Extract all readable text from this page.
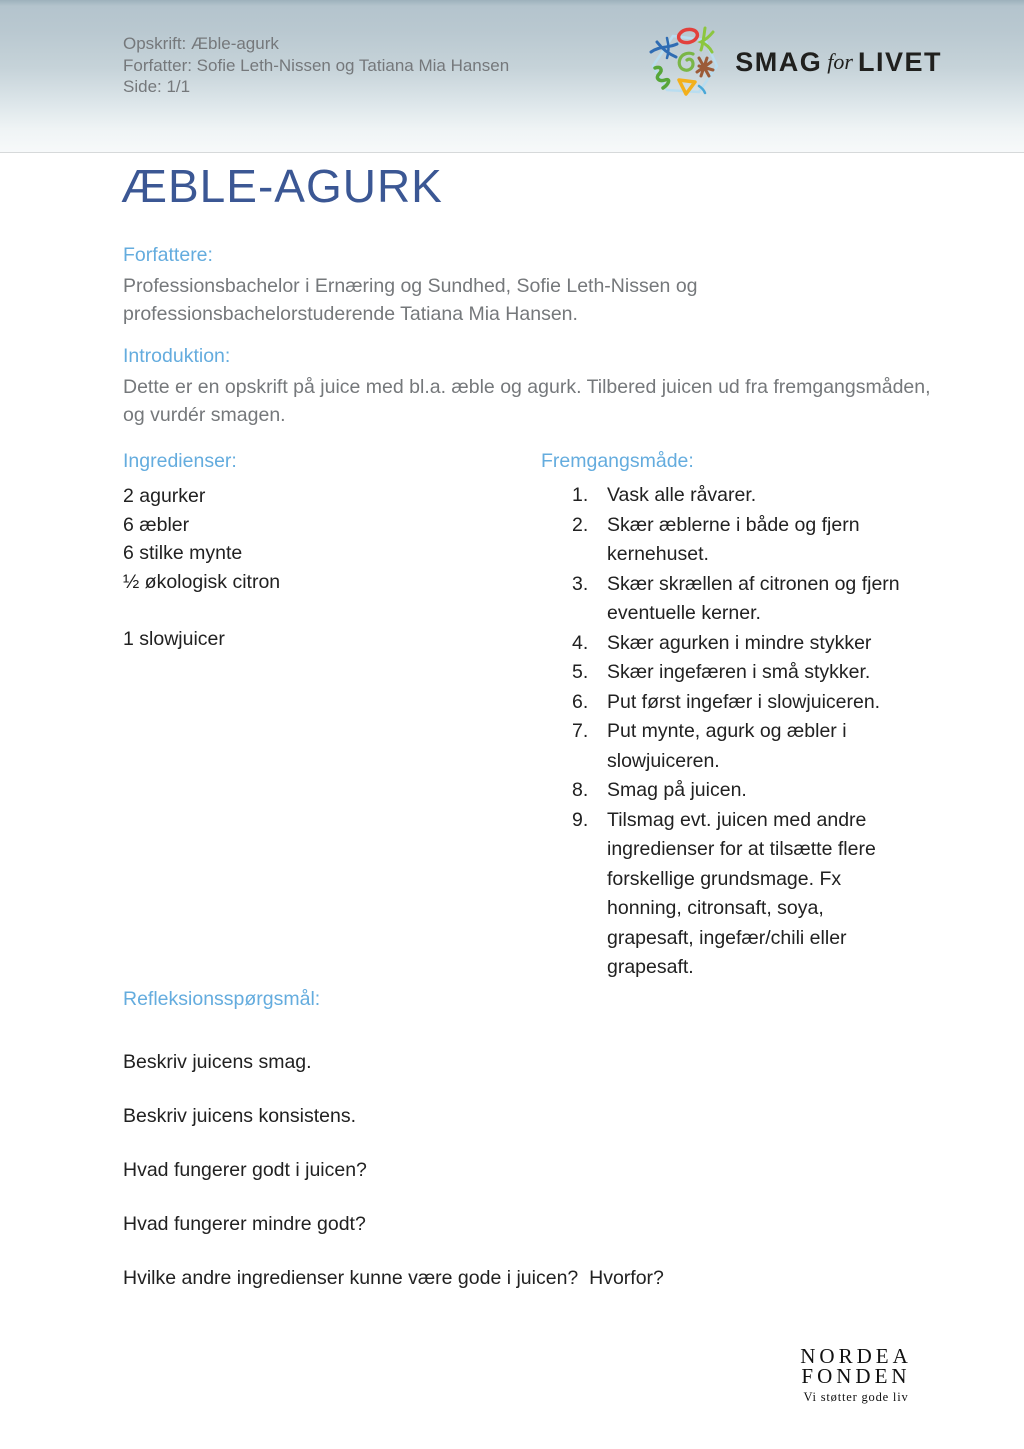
Opskrift: Æble-agurk
Forfatter: Sofie Leth-Nissen og Tatiana Mia Hansen
Side: 1/1
SMAG for LIVET
ÆBLE-AGURK
Forfattere:

Professionsbachelor i Ernæring og Sundhed, Sofie Leth-Nissen og professionsbachelorstuderende Tatiana Mia Hansen.

Introduktion:

Dette er en opskrift på juice med bl.a. æble og agurk. Tilbered juicen ud fra fremgangsmåden, og vurdér smagen.

Ingredienser:
2 agurker
6 æbler
6 stilke mynte
½ økologisk citron
1 slowjuicer
Fremgangsmåde:
1. Vask alle råvarer.
2. Skær æblerne i både og fjern kernehuset.
3. Skær skrællen af citronen og fjern eventuelle kerner.
4. Skær agurken i mindre stykker
5. Skær ingefæren i små stykker.
6. Put først ingefær i slowjuiceren.
7. Put mynte, agurk og æbler i slowjuiceren.
8. Smag på juicen.
9. Tilsmag evt. juicen med andre ingredienser for at tilsætte flere forskellige grundsmage. Fx honning, citronsaft, soya, grapesaft, ingefær/chili eller grapesaft.
Refleksionsspørgsmål:
Beskriv juicens smag.
Beskriv juicens konsistens.
Hvad fungerer godt i juicen?
Hvad fungerer mindre godt?
Hvilke andre ingredienser kunne være gode i juicen?  Hvorfor?
NORDEA
FONDEN
Vi støtter gode liv
